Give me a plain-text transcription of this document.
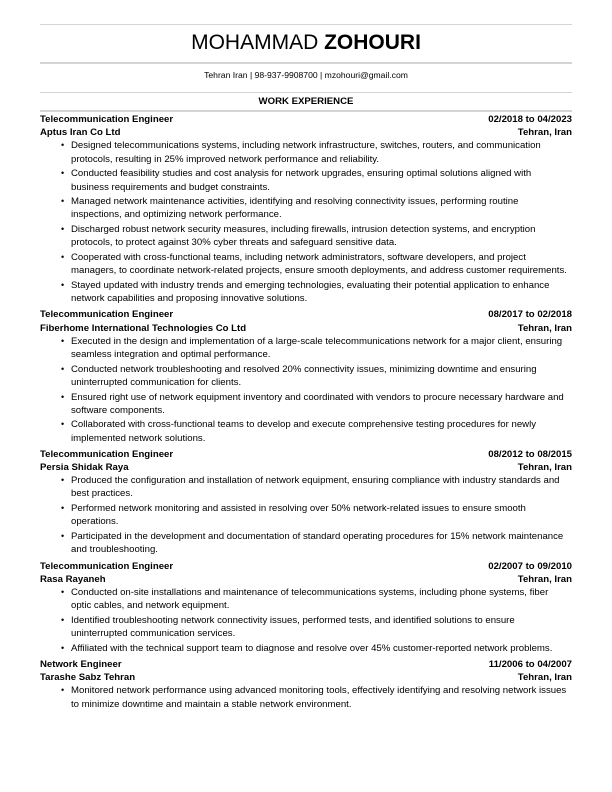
MOHAMMAD ZOHOURI
Tehran Iran | 98-937-9908700 | mzohouri@gmail.com
WORK EXPERIENCE
Telecommunication Engineer	02/2018 to 04/2023
Aptus Iran Co Ltd	Tehran, Iran
• Designed telecommunications systems, including network infrastructure, switches, routers, and communication protocols, resulting in 25% improved network performance and reliability.
• Conducted feasibility studies and cost analysis for network upgrades, ensuring optimal solutions aligned with business requirements and budget constraints.
• Managed network maintenance activities, identifying and resolving connectivity issues, performing routine inspections, and optimizing network performance.
• Discharged robust network security measures, including firewalls, intrusion detection systems, and encryption protocols, to protect against 30% cyber threats and safeguard sensitive data.
• Cooperated with cross-functional teams, including network administrators, software developers, and project managers, to coordinate network-related projects, ensure smooth deployments, and address customer requirements.
• Stayed updated with industry trends and emerging technologies, evaluating their potential application to enhance network capabilities and proposing innovative solutions.
Telecommunication Engineer	08/2017 to 02/2018
Fiberhome International Technologies Co Ltd	Tehran, Iran
• Executed in the design and implementation of a large-scale telecommunications network for a major client, ensuring seamless integration and optimal performance.
• Conducted network troubleshooting and resolved 20% connectivity issues, minimizing downtime and ensuring uninterrupted communication for clients.
• Ensured right use of network equipment inventory and coordinated with vendors to procure necessary hardware and software components.
• Collaborated with cross-functional teams to develop and execute comprehensive testing procedures for newly implemented network solutions.
Telecommunication Engineer	08/2012 to 08/2015
Persia Shidak Raya	Tehran, Iran
• Produced the configuration and installation of network equipment, ensuring compliance with industry standards and best practices.
• Performed network monitoring and assisted in resolving over 50% network-related issues to ensure smooth operations.
• Participated in the development and documentation of standard operating procedures for 15% network maintenance and troubleshooting.
Telecommunication Engineer	02/2007 to 09/2010
Rasa Rayaneh	Tehran, Iran
• Conducted on-site installations and maintenance of telecommunications systems, including phone systems, fiber optic cables, and network equipment.
• Identified troubleshooting network connectivity issues, performed tests, and identified solutions to ensure uninterrupted communication services.
• Affiliated with the technical support team to diagnose and resolve over 45% customer-reported network problems.
Network Engineer	11/2006 to 04/2007
Tarashe Sabz Tehran	Tehran, Iran
• Monitored network performance using advanced monitoring tools, effectively identifying and resolving network issues to minimize downtime and maintain a stable network environment.
